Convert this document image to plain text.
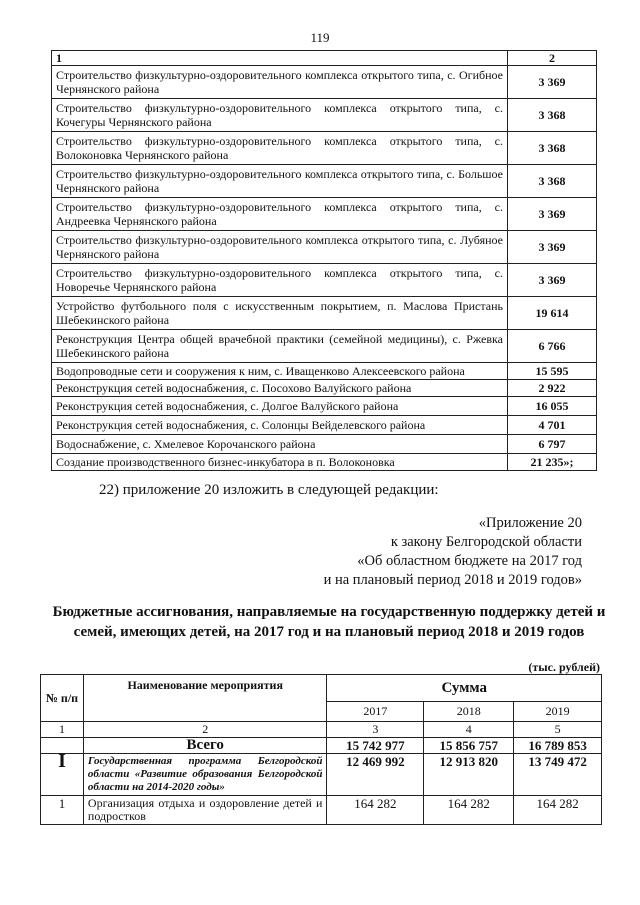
119
1	2
Строительство физкультурно-оздоровительного комплекса открытого типа, с. Огибное Чернянского района	3 369
Строительство физкультурно-оздоровительного комплекса открытого типа, с. Кочегуры Чернянского района	3 368
Строительство физкультурно-оздоровительного комплекса открытого типа, с. Волоконовка Чернянского района	3 368
Строительство физкультурно-оздоровительного комплекса открытого типа, с. Большое Чернянского района	3 368
Строительство физкультурно-оздоровительного комплекса открытого типа, с. Андреевка Чернянского района	3 369
Строительство физкультурно-оздоровительного комплекса открытого типа, с. Лубяное Чернянского района	3 369
Строительство физкультурно-оздоровительного комплекса открытого типа, с. Новоречье Чернянского района	3 369
Устройство футбольного поля с искусственным покрытием, п. Маслова Пристань Шебекинского района	19 614
Реконструкция Центра общей врачебной практики (семейной медицины), с. Ржевка Шебекинского района	6 766
Водопроводные сети и сооружения к ним, с. Иващенково Алексеевского района	15 595
Реконструкция сетей водоснабжения, с. Посохово Валуйского района	2 922
Реконструкция сетей водоснабжения, с. Долгое Валуйского района	16 055
Реконструкция сетей водоснабжения, с. Солонцы Вейделевского района	4 701
Водоснабжение, с. Хмелевое Корочанского района	6 797
Создание производственного бизнес-инкубатора в п. Волоконовка	21 235»;
22) приложение 20 изложить в следующей редакции:
«Приложение 20
к закону Белгородской области
«Об областном бюджете на 2017 год
и на плановый период 2018 и 2019 годов»
Бюджетные ассигнования, направляемые на государственную поддержку детей и семей, имеющих детей, на 2017 год и на плановый период 2018 и 2019 годов
(тыс. рублей)
№ п/п	Наименование мероприятия	Сумма		
		2017	2018	2019
1	2	3	4	5
	Всего	15 742 977	15 856 757	16 789 853
I	Государственная программа Белгородской области «Развитие образования Белгородской области на 2014-2020 годы»	12 469 992	12 913 820	13 749 472
1	Организация отдыха и оздоровление детей и подростков	164 282	164 282	164 282
